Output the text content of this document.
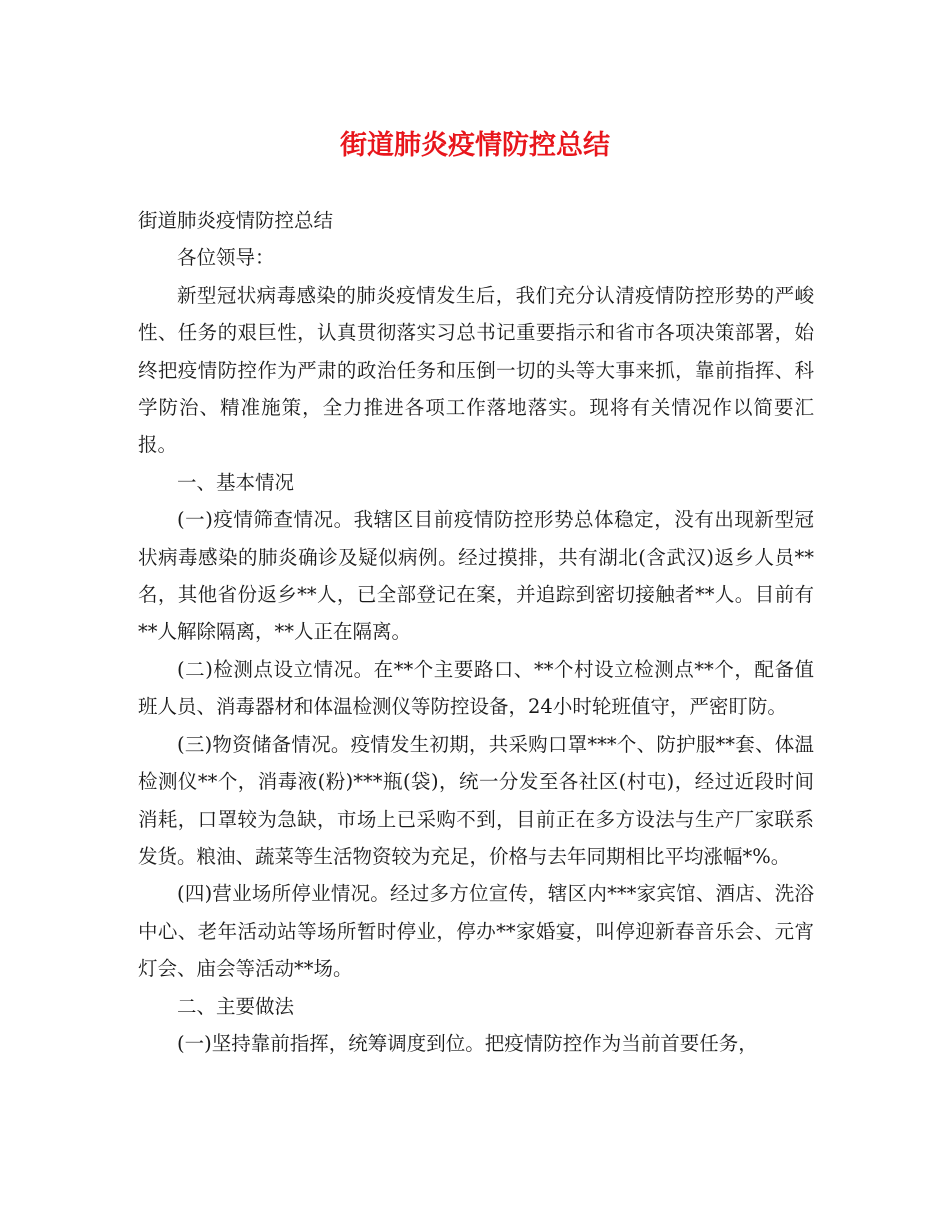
街道肺炎疫情防控总结

街道肺炎疫情防控总结

各位领导：

新型冠状病毒感染的肺炎疫情发生后，我们充分认清疫情防控形势的严峻性、任务的艰巨性，认真贯彻落实习总书记重要指示和省市各项决策部署，始终把疫情防控作为严肃的政治任务和压倒一切的头等大事来抓，靠前指挥、科学防治、精准施策，全力推进各项工作落地落实。现将有关情况作以简要汇报。

一、基本情况

(一)疫情筛查情况。我辖区目前疫情防控形势总体稳定，没有出现新型冠状病毒感染的肺炎确诊及疑似病例。经过摸排，共有湖北(含武汉)返乡人员**名，其他省份返乡**人，已全部登记在案，并追踪到密切接触者**人。目前有**人解除隔离，**人正在隔离。

(二)检测点设立情况。在**个主要路口、**个村设立检测点**个，配备值班人员、消毒器材和体温检测仪等防控设备，24小时轮班值守，严密盯防。

(三)物资储备情况。疫情发生初期，共采购口罩***个、防护服**套、体温检测仪**个，消毒液(粉)***瓶(袋)，统一分发至各社区(村屯)，经过近段时间消耗，口罩较为急缺，市场上已采购不到，目前正在多方设法与生产厂家联系发货。粮油、蔬菜等生活物资较为充足，价格与去年同期相比平均涨幅*%。

(四)营业场所停业情况。经过多方位宣传，辖区内***家宾馆、酒店、洗浴中心、老年活动站等场所暂时停业，停办**家婚宴，叫停迎新春音乐会、元宵灯会、庙会等活动**场。

二、主要做法

(一)坚持靠前指挥，统筹调度到位。把疫情防控作为当前首要任务，
